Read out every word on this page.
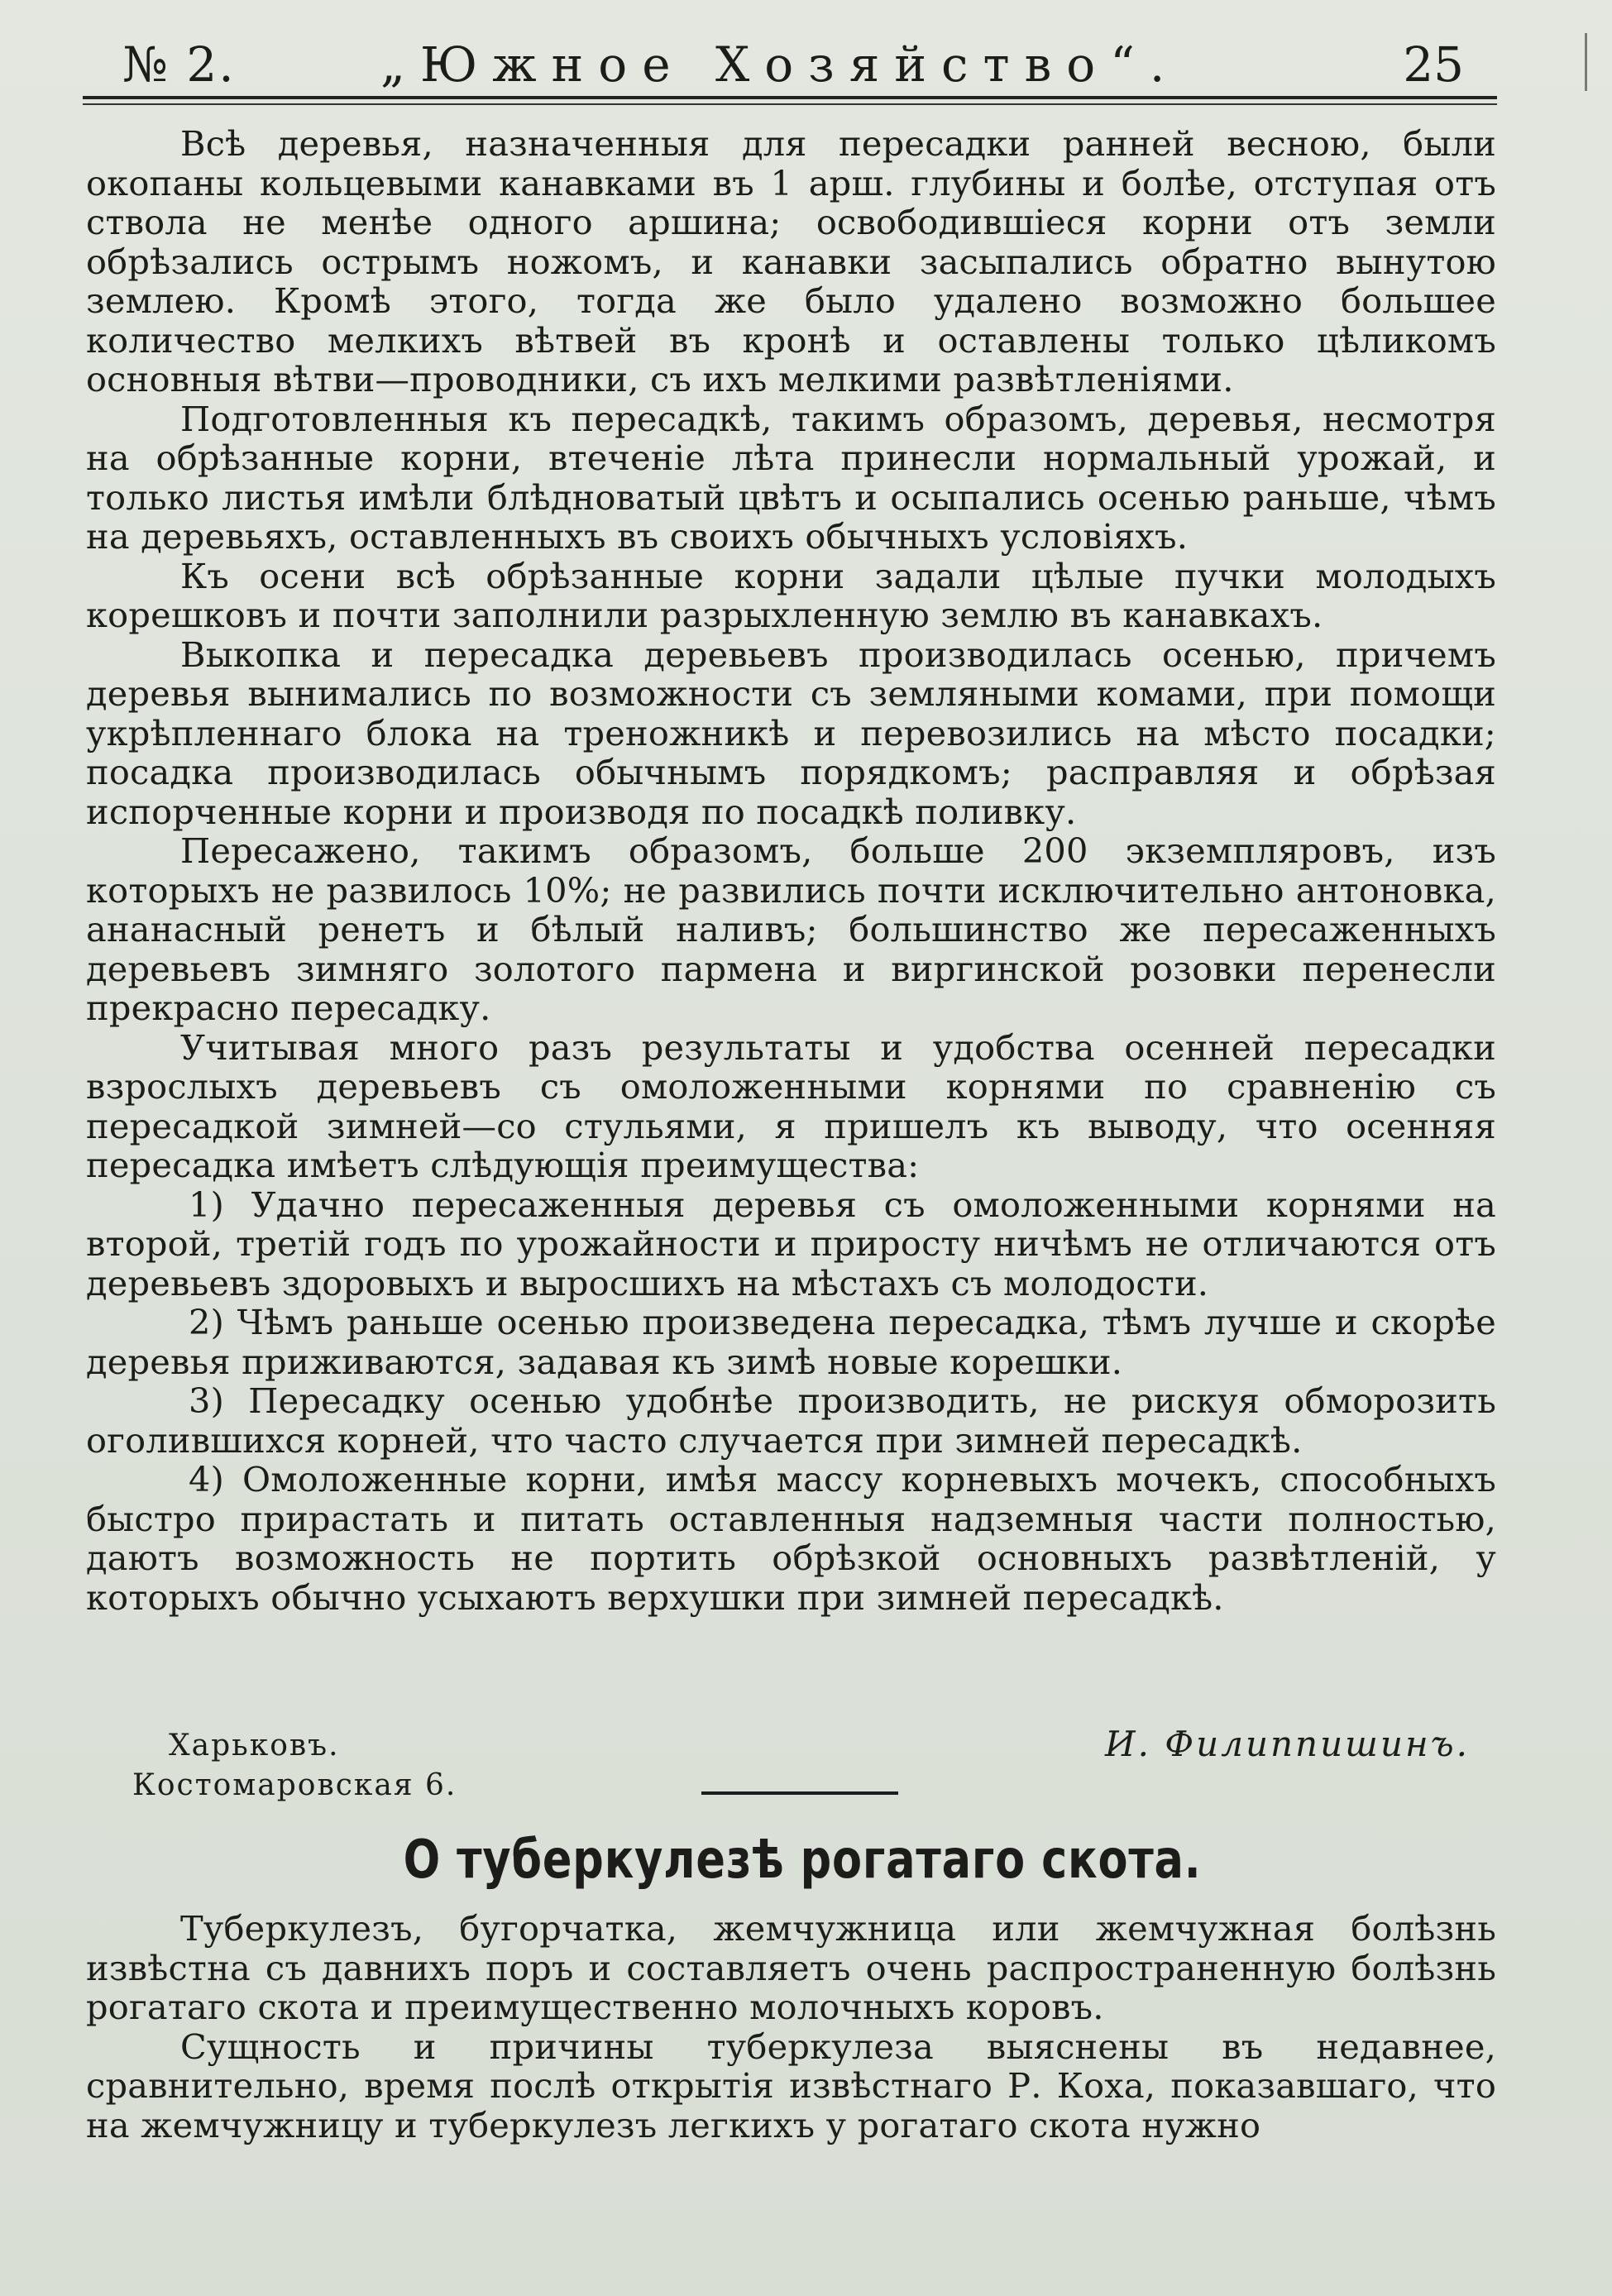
№ 2.	„Южное Хозяйство“.	25

Всѣ деревья, назначенныя для пересадки ранней весною, были окопаны кольцевыми канавками въ 1 арш. глубины и болѣе, отступая отъ ствола не менѣе одного аршина; освободившiеся корни отъ земли обрѣзались острымъ ножомъ, и канавки засыпались обратно вынутою землею. Кромѣ этого, тогда же было удалено возможно большее количество мелкихъ вѣтвей въ кронѣ и оставлены только цѣликомъ основныя вѣтви—проводники, съ ихъ мелкими развѣтленiями.

Подготовленныя къ пересадкѣ, такимъ образомъ, деревья, несмотря на обрѣзанные корни, втеченiе лѣта принесли нормальный урожай, и только листья имѣли блѣдноватый цвѣтъ и осыпались осенью раньше, чѣмъ на деревьяхъ, оставленныхъ въ своихъ обычныхъ условiяхъ.

Къ осени всѣ обрѣзанные корни задали цѣлые пучки молодыхъ корешковъ и почти заполнили разрыхленную землю въ канавкахъ.

Выкопка и пересадка деревьевъ производилась осенью, причемъ деревья вынимались по возможности съ земляными комами, при помощи укрѣпленнаго блока на треножникѣ и перевозились на мѣсто посадки; посадка производилась обычнымъ порядкомъ; расправляя и обрѣзая испорченные корни и производя по посадкѣ поливку.

Пересажено, такимъ образомъ, больше 200 экземпляровъ, изъ которыхъ не развилось 10%; не развились почти исключительно антоновка, ананасный ренетъ и бѣлый наливъ; большинство же пересаженныхъ деревьевъ зимняго золотого пармена и виргинской розовки перенесли прекрасно пересадку.

Учитывая много разъ результаты и удобства осенней пересадки взрослыхъ деревьевъ съ омоложенными корнями по сравненiю съ пересадкой зимней—со стульями, я пришелъ къ выводу, что осенняя пересадка имѣетъ слѣдующiя преимущества:

1) Удачно пересаженныя деревья съ омоложенными корнями на второй, третiй годъ по урожайности и приросту ничѣмъ не отличаются отъ деревьевъ здоровыхъ и выросшихъ на мѣстахъ съ молодости.

2) Чѣмъ раньше осенью произведена пересадка, тѣмъ лучше и скорѣе деревья приживаются, задавая къ зимѣ новые корешки.

3) Пересадку осенью удобнѣе производить, не рискуя обморозить оголившихся корней, что часто случается при зимней пересадкѣ.

4) Омоложенные корни, имѣя массу корневыхъ мочекъ, способныхъ быстро прирастать и питать оставленныя надземныя части полностью, даютъ возможность не портить обрѣзкой основныхъ развѣтленiй, у которыхъ обычно усыхаютъ верхушки при зимней пересадкѣ.

Харьковъ.
Костомаровская 6.
И. Филиппишинъ.
О туберкулезѣ рогатаго скота.

Туберкулезъ, бугорчатка, жемчужница или жемчужная болѣзнь извѣстна съ давнихъ поръ и составляетъ очень распространенную болѣзнь рогатаго скота и преимущественно молочныхъ коровъ.

Сущность и причины туберкулеза выяснены въ недавнее, сравнительно, время послѣ открытiя извѣстнаго Р. Коха, показавшаго, что на жемчужницу и туберкулезъ легкихъ у рогатаго скота нужно
